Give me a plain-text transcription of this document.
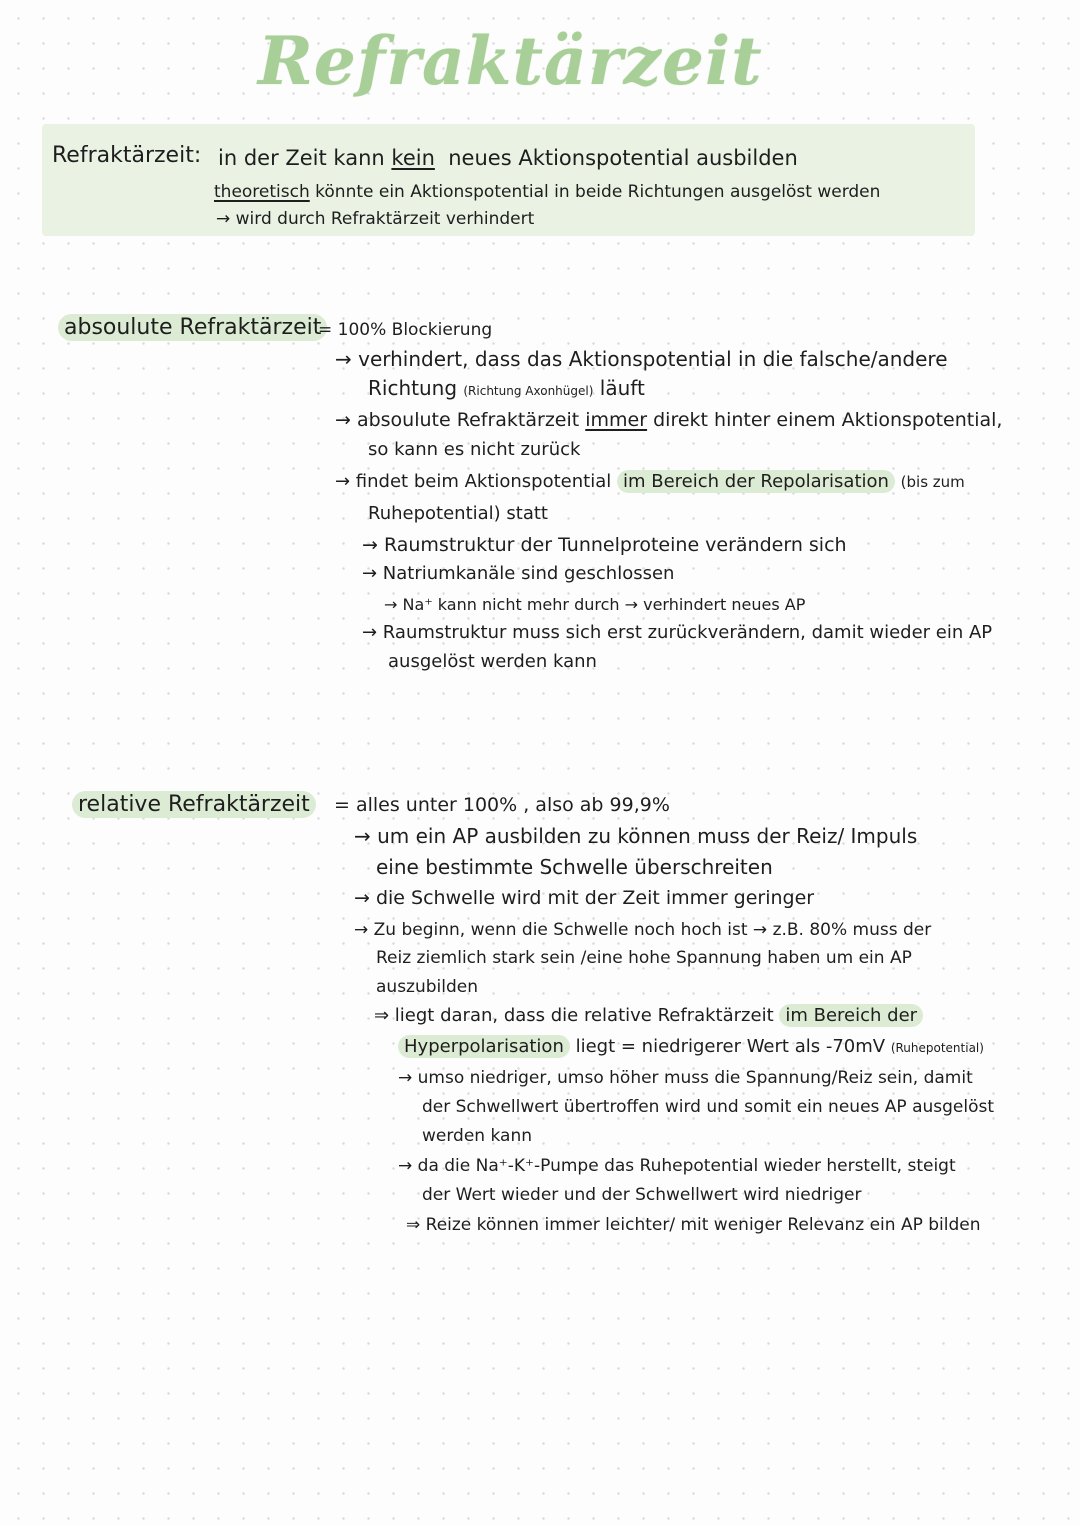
Refraktärzeit
Refraktärzeit: in der Zeit kann kein neues Aktionspotential ausbilden
theoretisch könnte ein Aktionspotential in beide Richtungen ausgelöst werden
→ wird durch Refraktärzeit verhindert
absoulute Refraktärzeit
= 100% Blockierung
→ verhindert, dass das Aktionspotential in die falsche/andere
Richtung (Richtung Axonhügel) läuft
→ absoulute Refraktärzeit immer direkt hinter einem Aktionspotential,
so kann es nicht zurück
→ findet beim Aktionspotential im Bereich der Repolarisation (bis zum
Ruhepotential) statt
→ Raumstruktur der Tunnelproteine verändern sich
→ Natriumkanäle sind geschlossen
→ Na⁺ kann nicht mehr durch → verhindert neues AP
→ Raumstruktur muss sich erst zurückverändern, damit wieder ein AP
ausgelöst werden kann
relative Refraktärzeit	= alles unter 100% , also ab 99,9%
→ um ein AP ausbilden zu können muss der Reiz/ Impuls
eine bestimmte Schwelle überschreiten
→ die Schwelle wird mit der Zeit immer geringer
→ Zu beginn, wenn die Schwelle noch hoch ist → z.B. 80% muss der
Reiz ziemlich stark sein /eine hohe Spannung haben um ein AP
auszubilden
⇒ liegt daran, dass die relative Refraktärzeit im Bereich der
Hyperpolarisation liegt = niedrigerer Wert als -70mV (Ruhepotential)
→ umso niedriger, umso höher muss die Spannung/Reiz sein, damit
der Schwellwert übertroffen wird und somit ein neues AP ausgelöst
werden kann
→ da die Na⁺-K⁺-Pumpe das Ruhepotential wieder herstellt, steigt
der Wert wieder und der Schwellwert wird niedriger
⇒ Reize können immer leichter/ mit weniger Relevanz ein AP bilden
